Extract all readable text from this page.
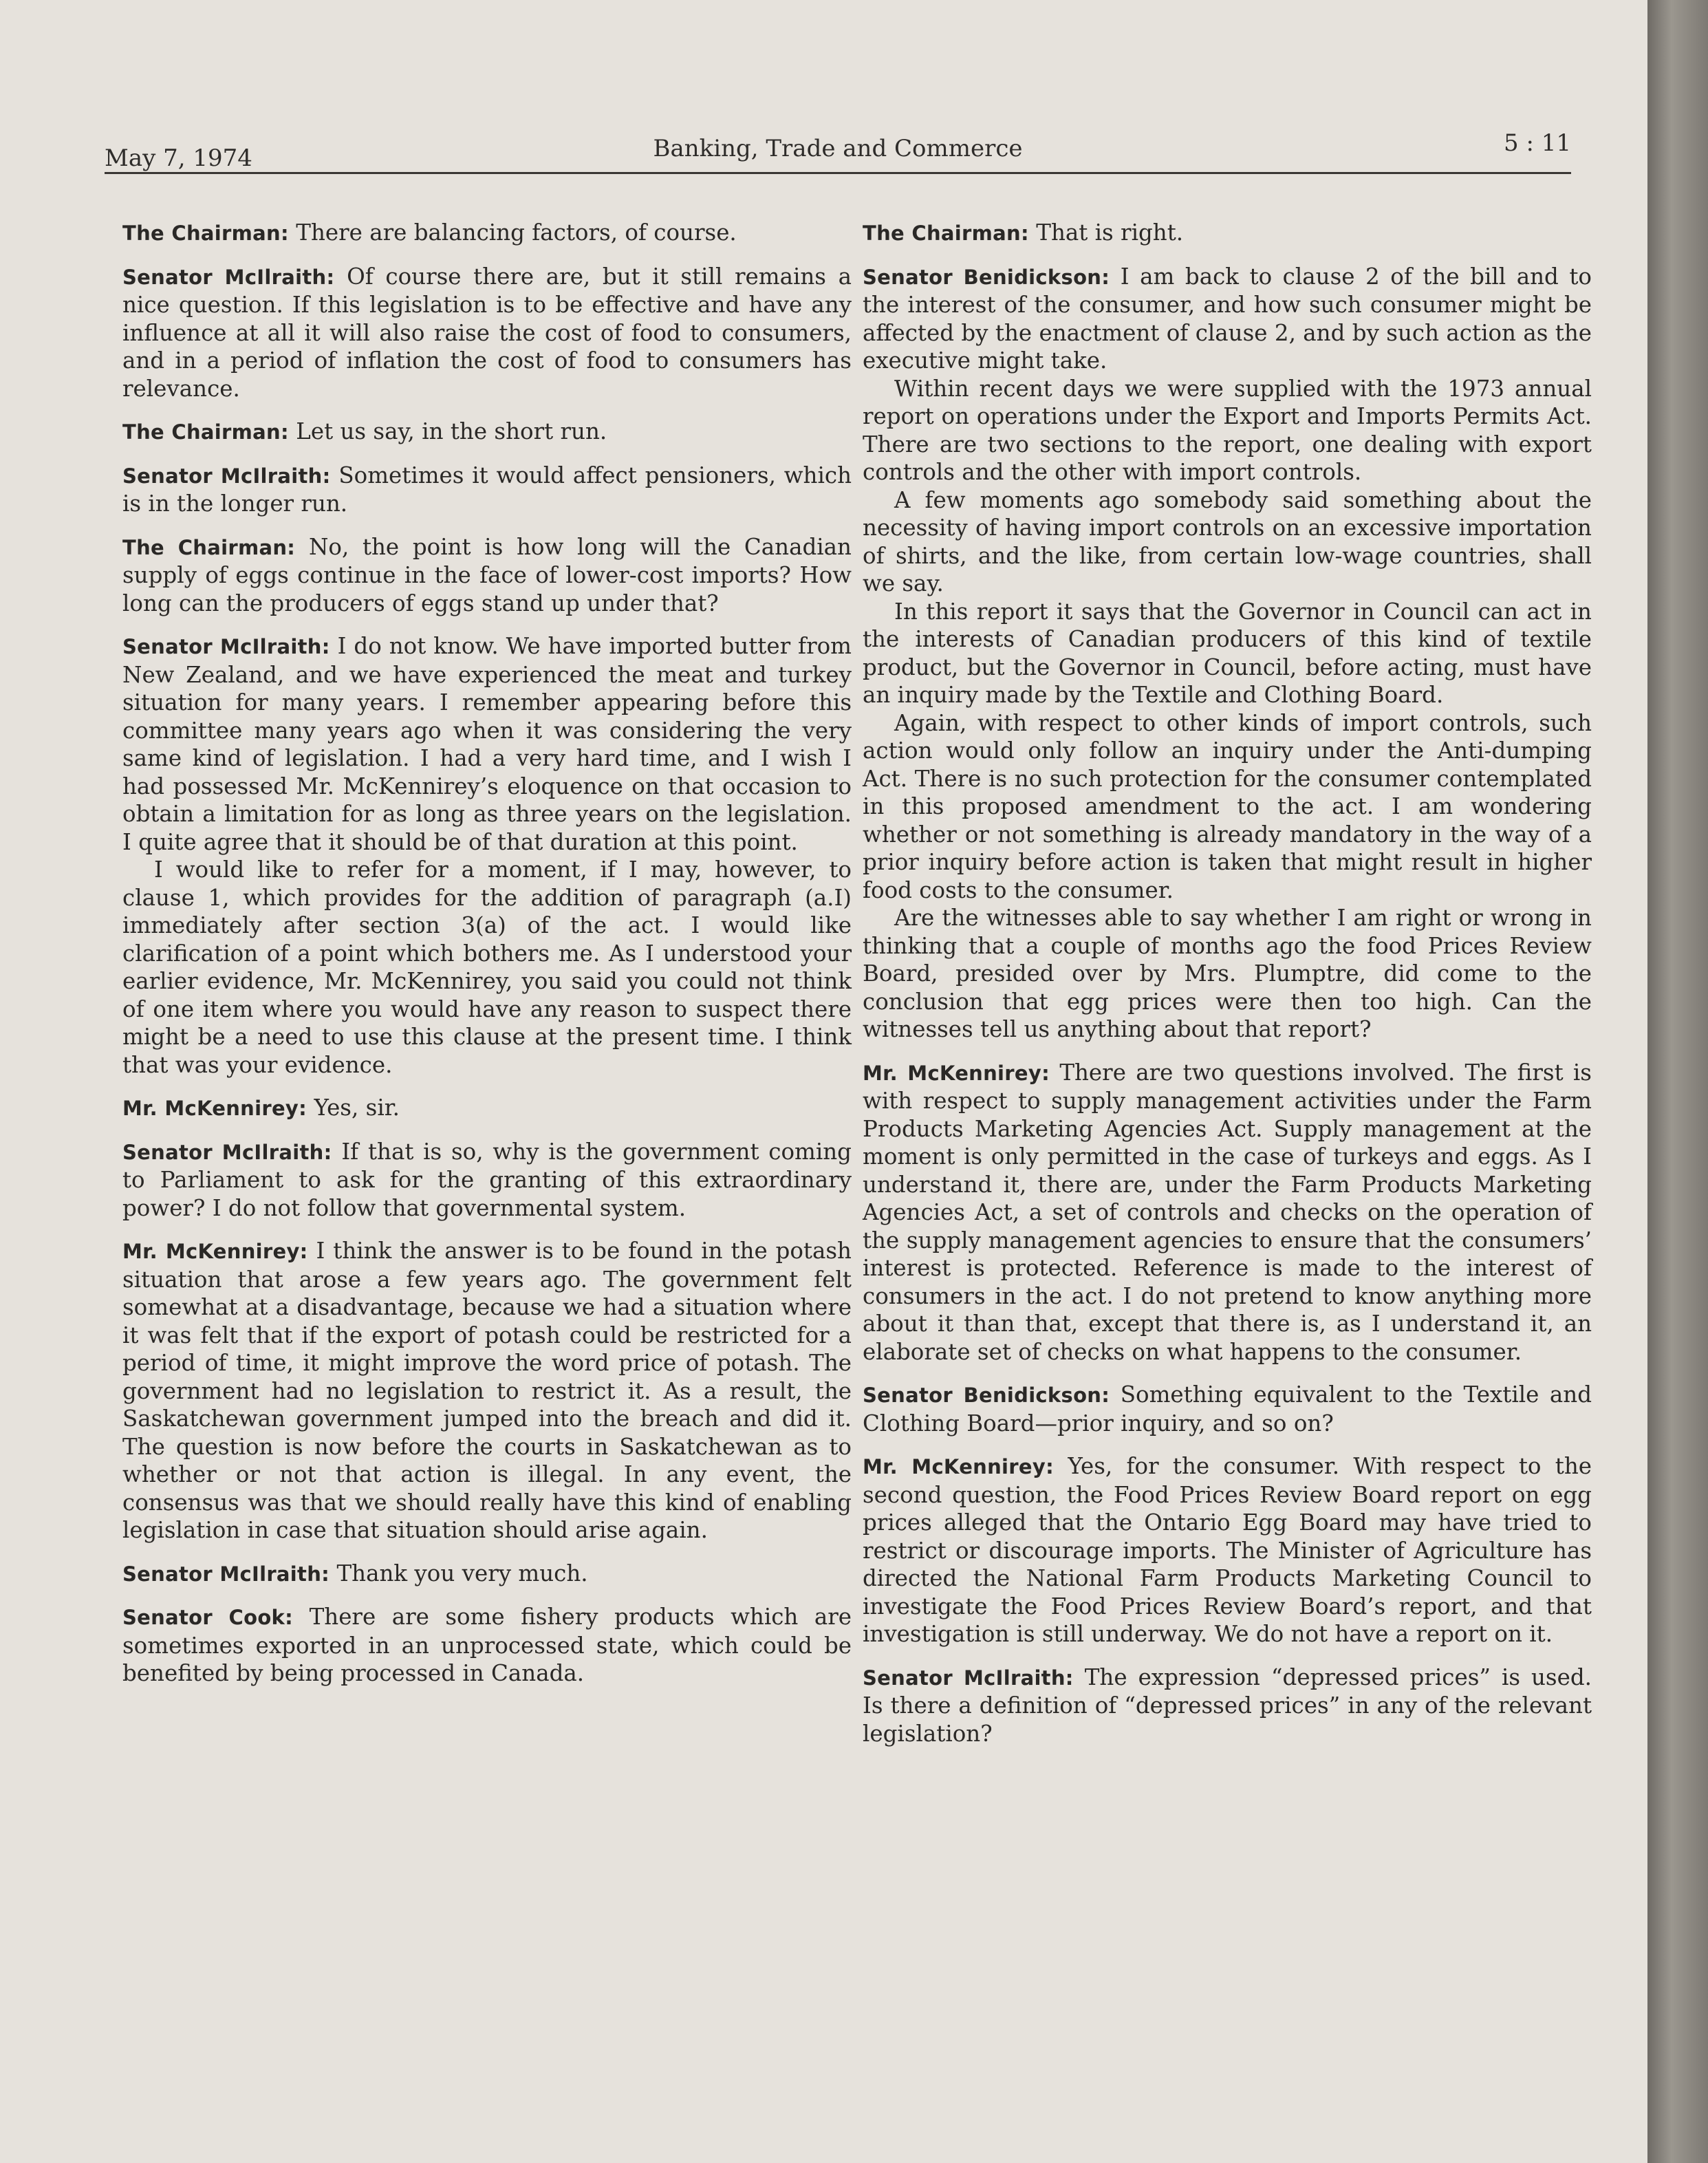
May 7, 1974	Banking, Trade and Commerce	5 : 11

The Chairman: There are balancing factors, of course.

Senator McIlraith: Of course there are, but it still remains a nice question. If this legislation is to be effective and have any influence at all it will also raise the cost of food to consumers, and in a period of inflation the cost of food to consumers has relevance.

The Chairman: Let us say, in the short run.

Senator McIlraith: Sometimes it would affect pensioners, which is in the longer run.

The Chairman: No, the point is how long will the Canadian supply of eggs continue in the face of lower-cost imports? How long can the producers of eggs stand up under that?

Senator McIlraith: I do not know. We have imported butter from New Zealand, and we have experienced the meat and turkey situation for many years. I remember appearing before this committee many years ago when it was considering the very same kind of legislation. I had a very hard time, and I wish I had possessed Mr. McKennirey’s eloquence on that occasion to obtain a limitation for as long as three years on the legislation. I quite agree that it should be of that duration at this point.

I would like to refer for a moment, if I may, however, to clause 1, which provides for the addition of paragraph (a.I) immediately after section 3(a) of the act. I would like clarification of a point which bothers me. As I understood your earlier evidence, Mr. McKennirey, you said you could not think of one item where you would have any reason to suspect there might be a need to use this clause at the present time. I think that was your evidence.

Mr. McKennirey: Yes, sir.

Senator McIlraith: If that is so, why is the government coming to Parliament to ask for the granting of this extraordinary power? I do not follow that governmental system.

Mr. McKennirey: I think the answer is to be found in the potash situation that arose a few years ago. The government felt somewhat at a disadvantage, because we had a situation where it was felt that if the export of potash could be restricted for a period of time, it might improve the word price of potash. The government had no legislation to restrict it. As a result, the Saskatchewan government jumped into the breach and did it. The question is now before the courts in Saskatchewan as to whether or not that action is illegal. In any event, the consensus was that we should really have this kind of enabling legislation in case that situation should arise again.

Senator McIlraith: Thank you very much.

Senator Cook: There are some fishery products which are sometimes exported in an unprocessed state, which could be benefited by being processed in Canada.

The Chairman: That is right.

Senator Benidickson: I am back to clause 2 of the bill and to the interest of the consumer, and how such consumer might be affected by the enactment of clause 2, and by such action as the executive might take.

Within recent days we were supplied with the 1973 annual report on operations under the Export and Imports Permits Act. There are two sections to the report, one dealing with export controls and the other with import controls.

A few moments ago somebody said something about the necessity of having import controls on an excessive importation of shirts, and the like, from certain low-wage countries, shall we say.

In this report it says that the Governor in Council can act in the interests of Canadian producers of this kind of textile product, but the Governor in Council, before acting, must have an inquiry made by the Textile and Clothing Board.

Again, with respect to other kinds of import controls, such action would only follow an inquiry under the Anti-dumping Act. There is no such protection for the consumer contemplated in this proposed amendment to the act. I am wondering whether or not something is already mandatory in the way of a prior inquiry before action is taken that might result in higher food costs to the consumer.

Are the witnesses able to say whether I am right or wrong in thinking that a couple of months ago the food Prices Review Board, presided over by Mrs. Plumptre, did come to the conclusion that egg prices were then too high. Can the witnesses tell us anything about that report?

Mr. McKennirey: There are two questions involved. The first is with respect to supply management activities under the Farm Products Marketing Agencies Act. Supply management at the moment is only permitted in the case of turkeys and eggs. As I understand it, there are, under the Farm Products Marketing Agencies Act, a set of controls and checks on the operation of the supply management agencies to ensure that the consumers’ interest is protected. Reference is made to the interest of consumers in the act. I do not pretend to know anything more about it than that, except that there is, as I understand it, an elaborate set of checks on what happens to the consumer.

Senator Benidickson: Something equivalent to the Textile and Clothing Board—prior inquiry, and so on?

Mr. McKennirey: Yes, for the consumer. With respect to the second question, the Food Prices Review Board report on egg prices alleged that the Ontario Egg Board may have tried to restrict or discourage imports. The Minister of Agriculture has directed the National Farm Products Marketing Council to investigate the Food Prices Review Board’s report, and that investigation is still underway. We do not have a report on it.

Senator McIlraith: The expression “depressed prices” is used. Is there a definition of “depressed prices” in any of the relevant legislation?
